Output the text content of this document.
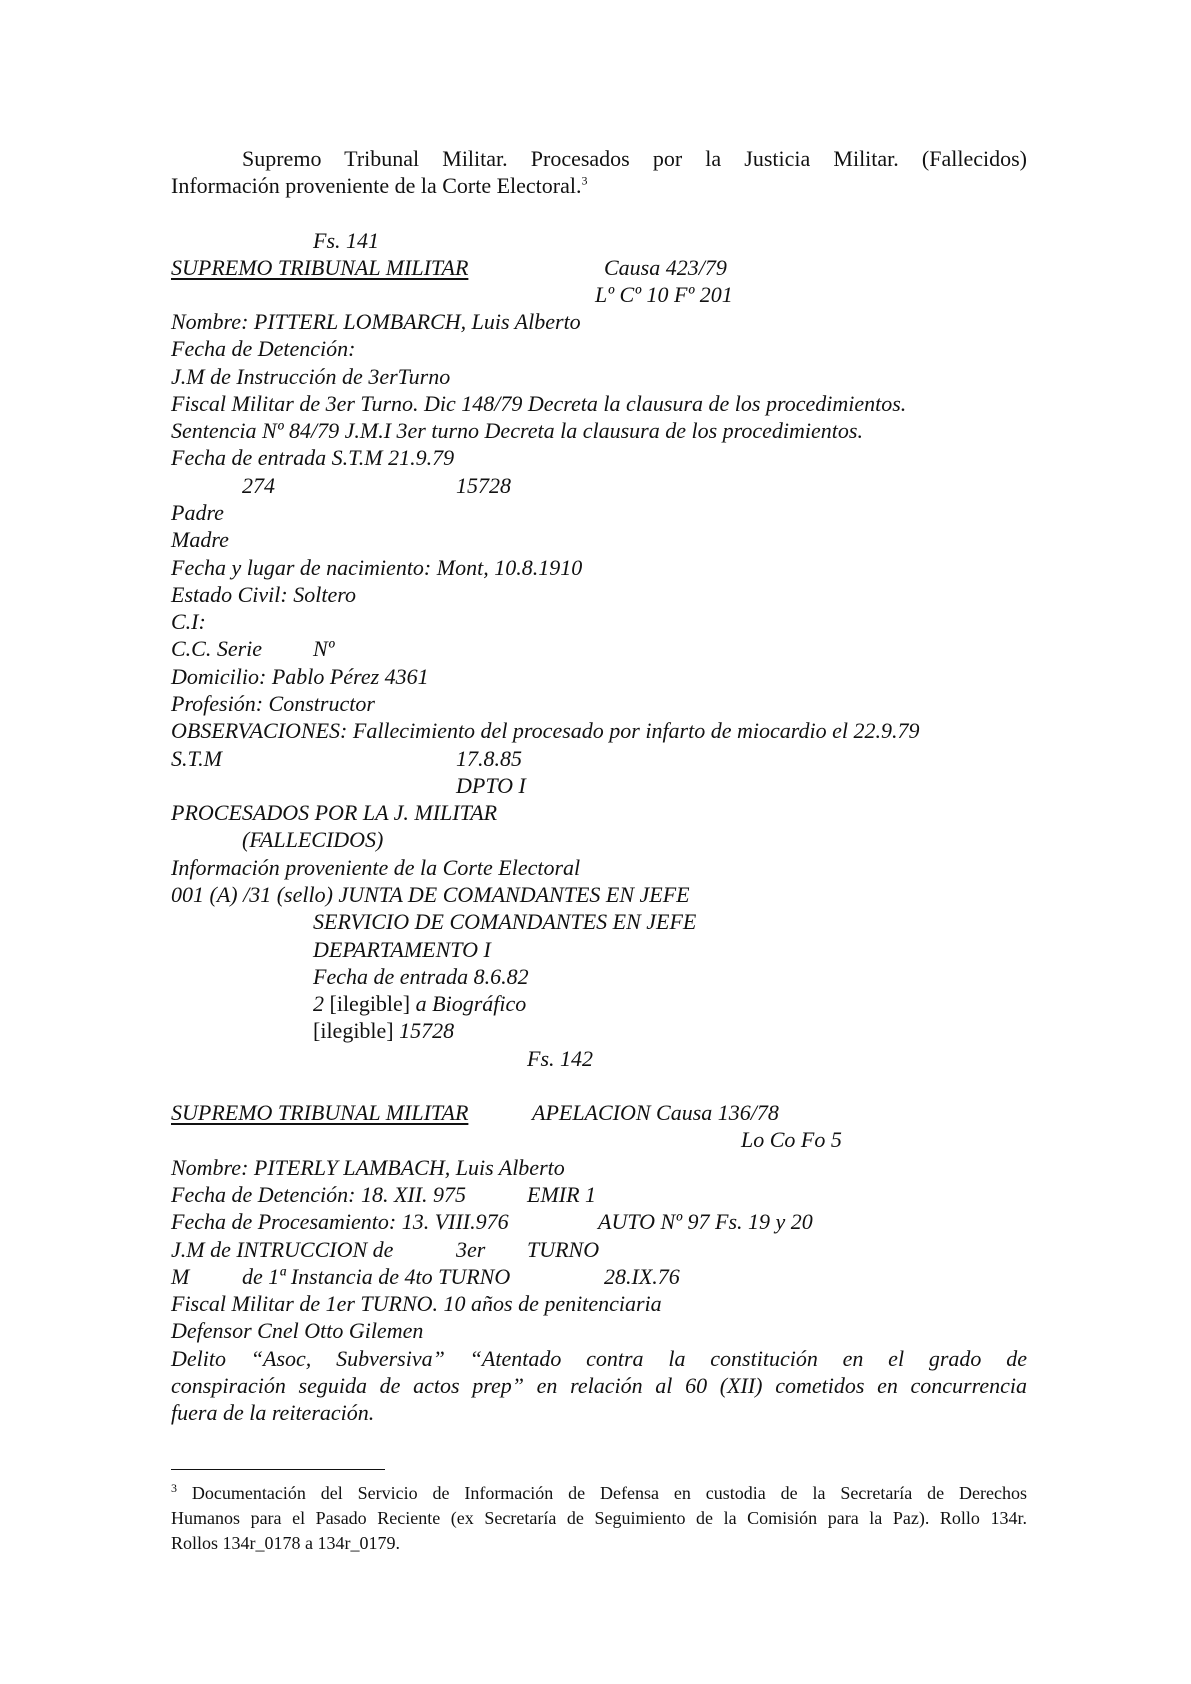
Supremo Tribunal Militar. Procesados por la Justicia Militar. (Fallecidos)
Información proveniente de la Corte Electoral.$^3$
Fs. 141
SUPREMO TRIBUNAL MILITAR	Causa 423/79
Lº Cº 10 Fº 201
Nombre: PITTERL LOMBARCH, Luis Alberto
Fecha de Detención:
J.M de Instrucción de 3erTurno
Fiscal Militar de 3er Turno. Dic 148/79 Decreta la clausura de los procedimientos.
Sentencia Nº 84/79 J.M.I 3er turno Decreta la clausura de los procedimientos.
Fecha de entrada S.T.M 21.9.79
274	15728
Padre
Madre
Fecha y lugar de nacimiento: Mont, 10.8.1910
Estado Civil: Soltero
C.I:
C.C. Serie Nº
Domicilio: Pablo Pérez 4361
Profesión: Constructor
OBSERVACIONES: Fallecimiento del procesado por infarto de miocardio el 22.9.79
S.T.M	17.8.85
DPTO I
PROCESADOS POR LA J. MILITAR
(FALLECIDOS)
Información proveniente de la Corte Electoral
001 (A) /31 (sello) JUNTA DE COMANDANTES EN JEFE
SERVICIO DE COMANDANTES EN JEFE
DEPARTAMENTO I
Fecha de entrada 8.6.82
2 [ilegible] a Biográfico
[ilegible] 15728
Fs. 142
SUPREMO TRIBUNAL MILITAR	APELACION Causa 136/78
Lo Co Fo 5
Nombre: PITERLY LAMBACH, Luis Alberto
Fecha de Detención: 18. XII. 975	EMIR 1
Fecha de Procesamiento: 13. VIII.976	AUTO Nº 97 Fs. 19 y 20
J.M de INTRUCCION de	3er TURNO
M de 1ª Instancia de 4to TURNO	28.IX.76
Fiscal Militar de 1er TURNO. 10 años de penitenciaria
Defensor Cnel Otto Gilemen
Delito “Asoc, Subversiva” “Atentado contra la constitución en el grado de
conspiración seguida de actos prep” en relación al 60 (XII) cometidos en concurrencia
fuera de la reiteración.
$^3$ Documentación del Servicio de Información de Defensa en custodia de la Secretaría de Derechos
Humanos para el Pasado Reciente (ex Secretaría de Seguimiento de la Comisión para la Paz). Rollo 134r.
Rollos 134r_0178 a 134r_0179.
